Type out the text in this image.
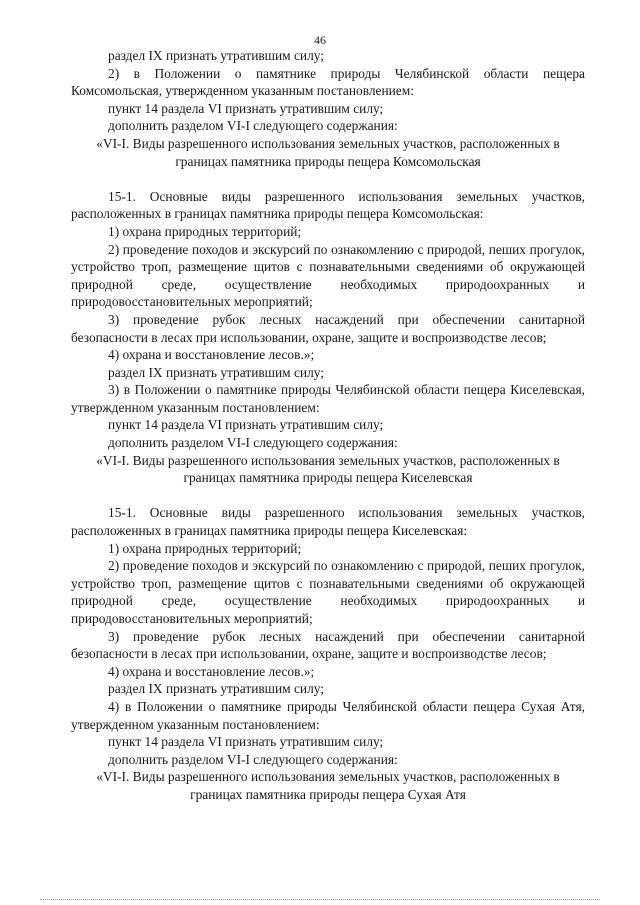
46

раздел IX признать утратившим силу;

2) в Положении о памятнике природы Челябинской области пещера Комсомольская, утвержденном указанным постановлением:

пункт 14 раздела VI признать утратившим силу;

дополнить разделом VI-I следующего содержания:

«VI-I. Виды разрешенного использования земельных участков, расположенных в границах памятника природы пещера Комсомольская

15-1. Основные виды разрешенного использования земельных участков, расположенных в границах памятника природы пещера Комсомольская:

1) охрана природных территорий;

2) проведение походов и экскурсий по ознакомлению с природой, пеших прогулок, устройство троп, размещение щитов с познавательными сведениями об окружающей природной среде, осуществление необходимых природоохранных и природовосстановительных мероприятий;

3) проведение рубок лесных насаждений при обеспечении санитарной безопасности в лесах при использовании, охране, защите и воспроизводстве лесов;

4) охрана и восстановление лесов.»;

раздел IX признать утратившим силу;

3) в Положении о памятнике природы Челябинской области пещера Киселевская, утвержденном указанным постановлением:

пункт 14 раздела VI признать утратившим силу;

дополнить разделом VI-I следующего содержания:

«VI-I. Виды разрешенного использования земельных участков, расположенных в границах памятника природы пещера Киселевская

15-1. Основные виды разрешенного использования земельных участков, расположенных в границах памятника природы пещера Киселевская:

1) охрана природных территорий;

2) проведение походов и экскурсий по ознакомлению с природой, пеших прогулок, устройство троп, размещение щитов с познавательными сведениями об окружающей природной среде, осуществление необходимых природоохранных и природовосстановительных мероприятий;

3) проведение рубок лесных насаждений при обеспечении санитарной безопасности в лесах при использовании, охране, защите и воспроизводстве лесов;

4) охрана и восстановление лесов.»;

раздел IX признать утратившим силу;

4) в Положении о памятнике природы Челябинской области пещера Сухая Атя, утвержденном указанным постановлением:

пункт 14 раздела VI признать утратившим силу;

дополнить разделом VI-I следующего содержания:

«VI-I. Виды разрешенного использования земельных участков, расположенных в границах памятника природы пещера Сухая Атя
